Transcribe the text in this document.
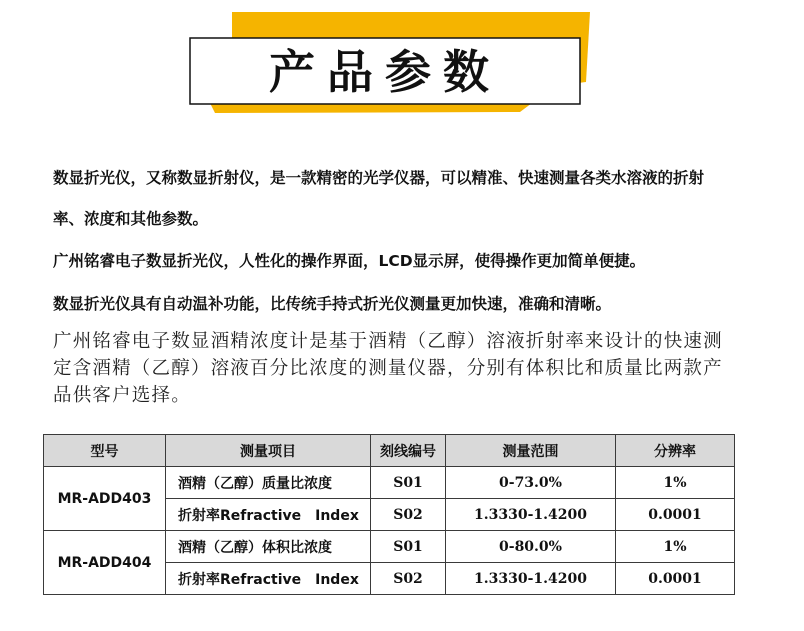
产品参数
数显折光仪，又称数显折射仪，是一款精密的光学仪器，可以精准、快速测量各类水溶液的折射
率、浓度和其他参数。
广州铭睿电子数显折光仪，人性化的操作界面，LCD显示屏，使得操作更加简单便捷。
数显折光仪具有自动温补功能，比传统手持式折光仪测量更加快速，准确和清晰。
广州铭睿电子数显酒精浓度计是基于酒精（乙醇）溶液折射率来设计的快速测
定含酒精（乙醇）溶液百分比浓度的测量仪器，分别有体积比和质量比两款产
品供客户选择。
型号	测量项目	刻线编号	测量范围	分辨率
MR-ADD403	酒精（乙醇）质量比浓度	S01	0-73.0%	1%
	折射率Refractive　Index	S02	1.3330-1.4200	0.0001
MR-ADD404	酒精（乙醇）体积比浓度	S01	0-80.0%	1%
	折射率Refractive　Index	S02	1.3330-1.4200	0.0001
